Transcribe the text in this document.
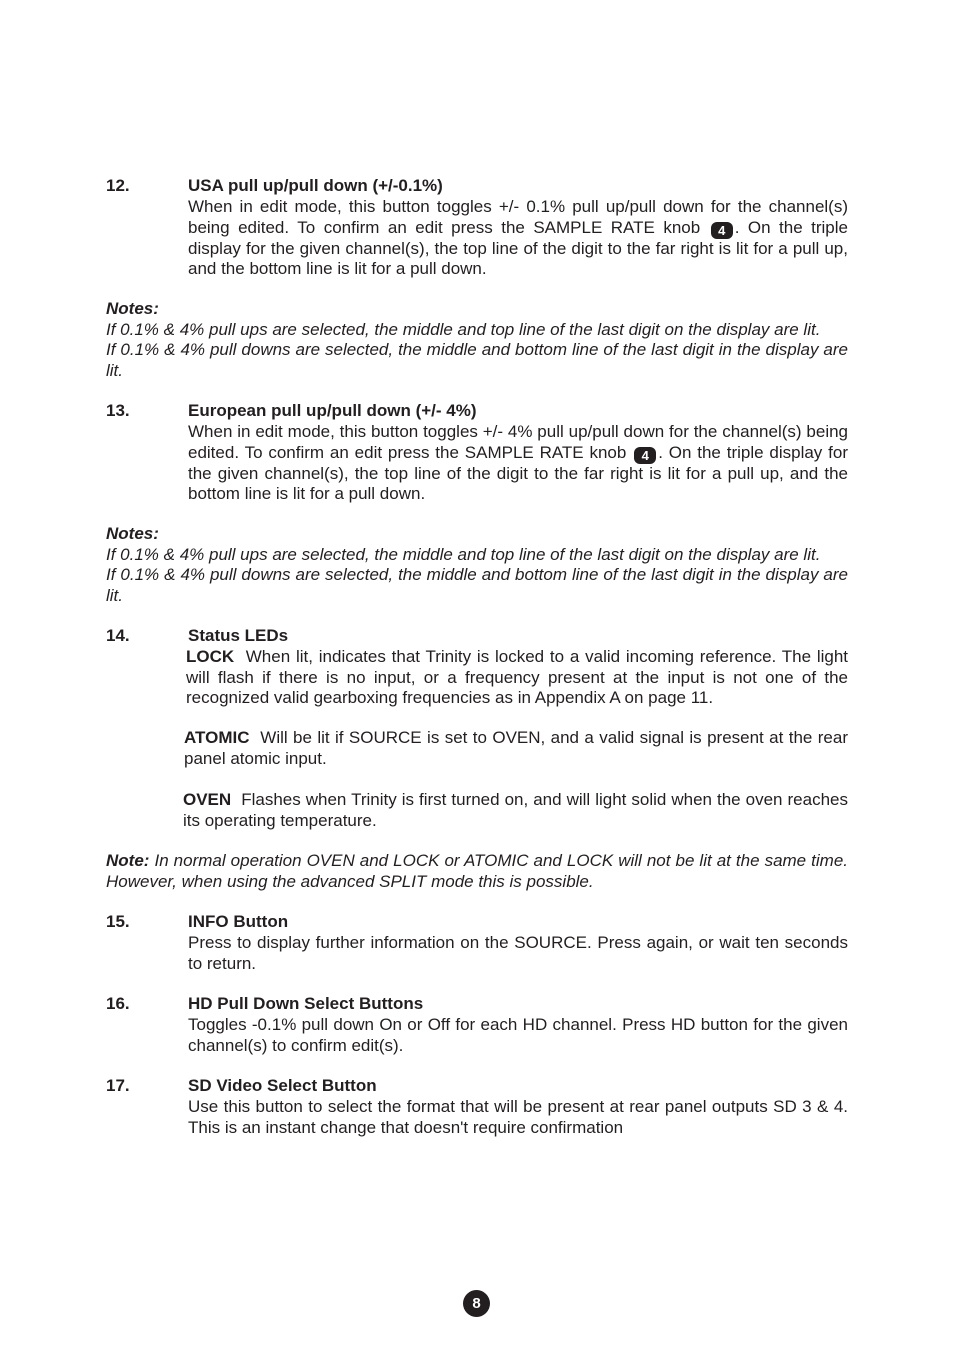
12.	USA pull up/pull down (+/-0.1%)
When in edit mode, this button toggles +/- 0.1% pull up/pull down for the channel(s) being edited. To confirm an edit press the SAMPLE RATE knob 4 . On the triple display for the given channel(s), the top line of the digit to the far right is lit for a pull up, and the bottom line is lit for a pull down.
Notes:
If 0.1% & 4% pull ups are selected, the middle and top line of the last digit on the display are lit.
If 0.1% & 4% pull downs are selected, the middle and bottom line of the last digit in the display are lit.
13.	European pull up/pull down (+/- 4%)
When in edit mode, this button toggles +/- 4% pull up/pull down for the channel(s) being edited. To confirm an edit press the SAMPLE RATE knob 4 . On the triple display for the given channel(s), the top line of the digit to the far right is lit for a pull up, and the bottom line is lit for a pull down.
Notes:
If 0.1% & 4% pull ups are selected, the middle and top line of the last digit on the display are lit.
If 0.1% & 4% pull downs are selected, the middle and bottom line of the last digit in the display are lit.
14.	Status LEDs
LOCK When lit, indicates that Trinity is locked to a valid incoming reference. The light will flash if there is no input, or a frequency present at the input is not one of the recognized valid gearboxing frequencies as in Appendix A on page 11.
ATOMIC Will be lit if SOURCE is set to OVEN, and a valid signal is present at the rear panel atomic input.
OVEN Flashes when Trinity is first turned on, and will light solid when the oven reaches its operating temperature.
Note: In normal operation OVEN and LOCK or ATOMIC and LOCK will not be lit at the same time. However, when using the advanced SPLIT mode this is possible.
15.	INFO Button
Press to display further information on the SOURCE. Press again, or wait ten seconds to return.
16.	HD Pull Down Select Buttons
Toggles -0.1% pull down On or Off for each HD channel. Press HD button for the given channel(s) to confirm edit(s).
17.	SD Video Select Button
Use this button to select the format that will be present at rear panel outputs SD 3 & 4. This is an instant change that doesn't require confirmation
8
